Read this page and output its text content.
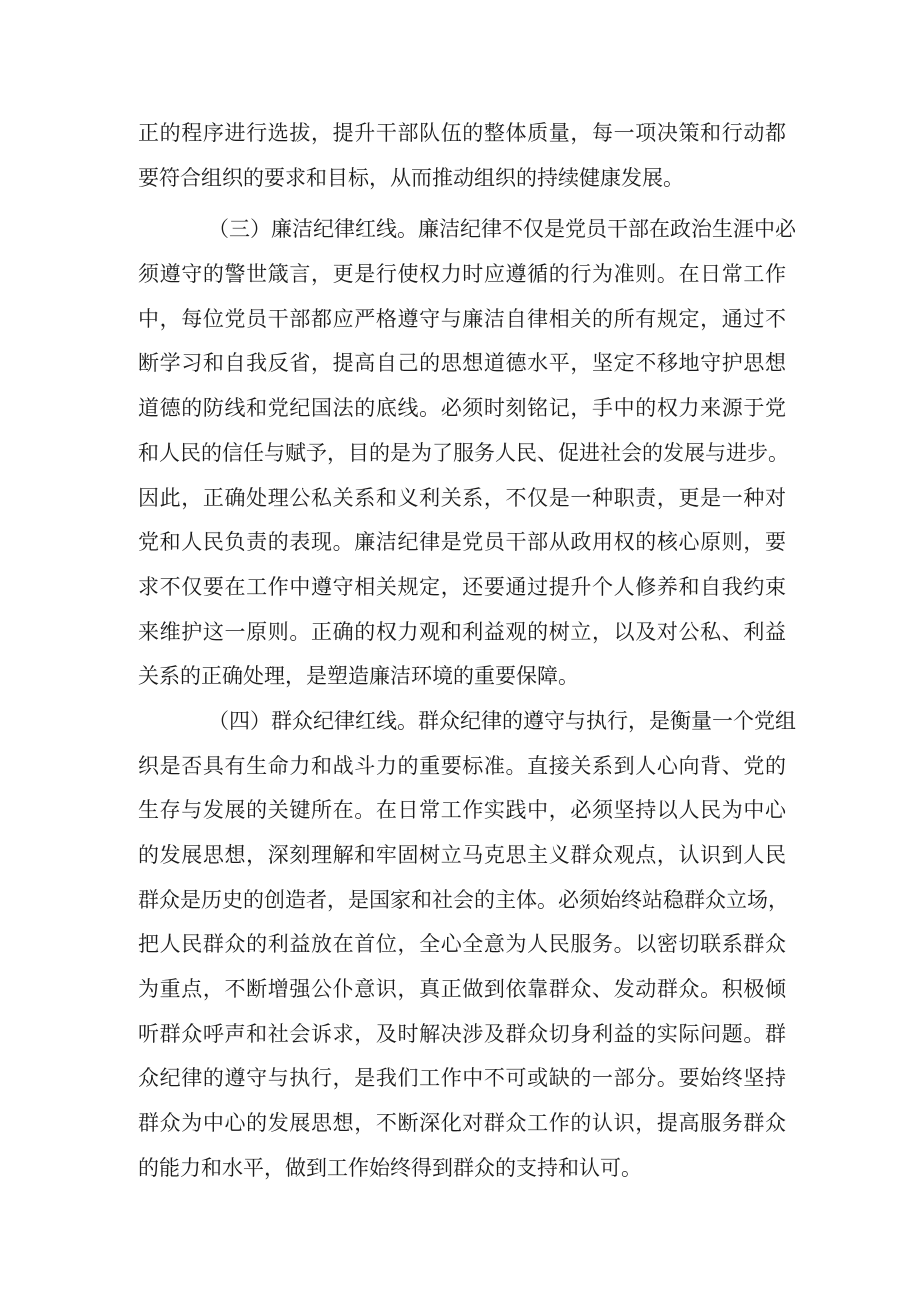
正的程序进行选拔，提升干部队伍的整体质量，每一项决策和行动都
要符合组织的要求和目标，从而推动组织的持续健康发展。
（三）廉洁纪律红线。廉洁纪律不仅是党员干部在政治生涯中必
须遵守的警世箴言，更是行使权力时应遵循的行为准则。在日常工作
中，每位党员干部都应严格遵守与廉洁自律相关的所有规定，通过不
断学习和自我反省，提高自己的思想道德水平，坚定不移地守护思想
道德的防线和党纪国法的底线。必须时刻铭记，手中的权力来源于党
和人民的信任与赋予，目的是为了服务人民、促进社会的发展与进步。
因此，正确处理公私关系和义利关系，不仅是一种职责，更是一种对
党和人民负责的表现。廉洁纪律是党员干部从政用权的核心原则，要
求不仅要在工作中遵守相关规定，还要通过提升个人修养和自我约束
来维护这一原则。正确的权力观和利益观的树立，以及对公私、利益
关系的正确处理，是塑造廉洁环境的重要保障。
（四）群众纪律红线。群众纪律的遵守与执行，是衡量一个党组
织是否具有生命力和战斗力的重要标准。直接关系到人心向背、党的
生存与发展的关键所在。在日常工作实践中，必须坚持以人民为中心
的发展思想，深刻理解和牢固树立马克思主义群众观点，认识到人民
群众是历史的创造者，是国家和社会的主体。必须始终站稳群众立场，
把人民群众的利益放在首位，全心全意为人民服务。以密切联系群众
为重点，不断增强公仆意识，真正做到依靠群众、发动群众。积极倾
听群众呼声和社会诉求，及时解决涉及群众切身利益的实际问题。群
众纪律的遵守与执行，是我们工作中不可或缺的一部分。要始终坚持
群众为中心的发展思想，不断深化对群众工作的认识，提高服务群众
的能力和水平，做到工作始终得到群众的支持和认可。
